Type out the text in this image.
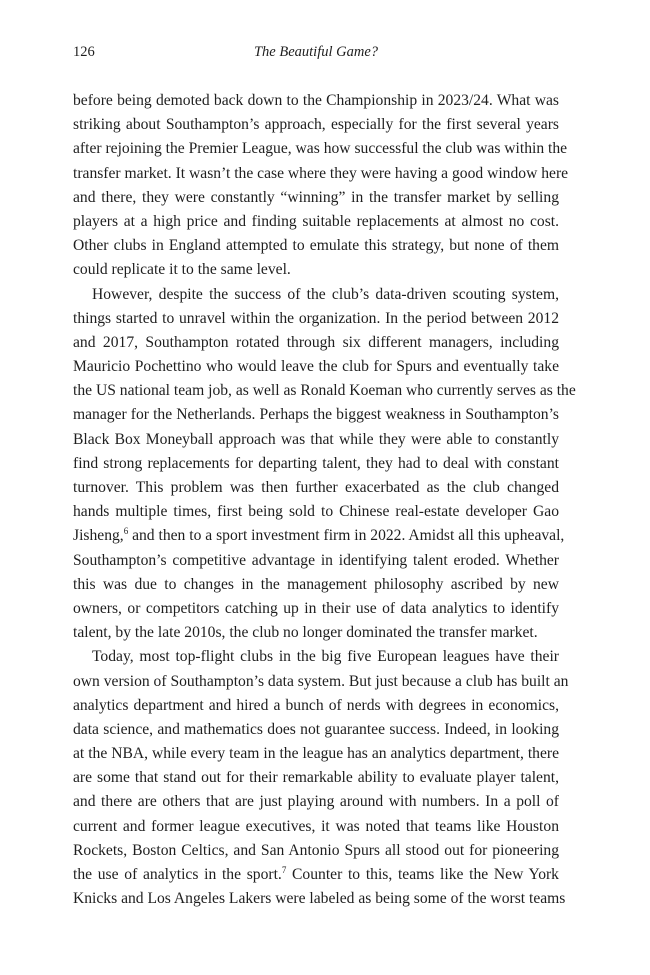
126	The Beautiful Game?
before being demoted back down to the Championship in 2023/24. What was
striking about Southampton’s approach, especially for the first several years
after rejoining the Premier League, was how successful the club was within the
transfer market. It wasn’t the case where they were having a good window here
and there, they were constantly “winning” in the transfer market by selling
players at a high price and finding suitable replacements at almost no cost.
Other clubs in England attempted to emulate this strategy, but none of them
could replicate it to the same level.
However, despite the success of the club’s data-driven scouting system,
things started to unravel within the organization. In the period between 2012
and 2017, Southampton rotated through six different managers, including
Mauricio Pochettino who would leave the club for Spurs and eventually take
the US national team job, as well as Ronald Koeman who currently serves as the
manager for the Netherlands. Perhaps the biggest weakness in Southampton’s
Black Box Moneyball approach was that while they were able to constantly
find strong replacements for departing talent, they had to deal with constant
turnover. This problem was then further exacerbated as the club changed
hands multiple times, first being sold to Chinese real-estate developer Gao
Jisheng,$^6$ and then to a sport investment firm in 2022. Amidst all this upheaval,
Southampton’s competitive advantage in identifying talent eroded. Whether
this was due to changes in the management philosophy ascribed by new
owners, or competitors catching up in their use of data analytics to identify
talent, by the late 2010s, the club no longer dominated the transfer market.
Today, most top-flight clubs in the big five European leagues have their
own version of Southampton’s data system. But just because a club has built an
analytics department and hired a bunch of nerds with degrees in economics,
data science, and mathematics does not guarantee success. Indeed, in looking
at the NBA, while every team in the league has an analytics department, there
are some that stand out for their remarkable ability to evaluate player talent,
and there are others that are just playing around with numbers. In a poll of
current and former league executives, it was noted that teams like Houston
Rockets, Boston Celtics, and San Antonio Spurs all stood out for pioneering
the use of analytics in the sport.$^7$ Counter to this, teams like the New York
Knicks and Los Angeles Lakers were labeled as being some of the worst teams
